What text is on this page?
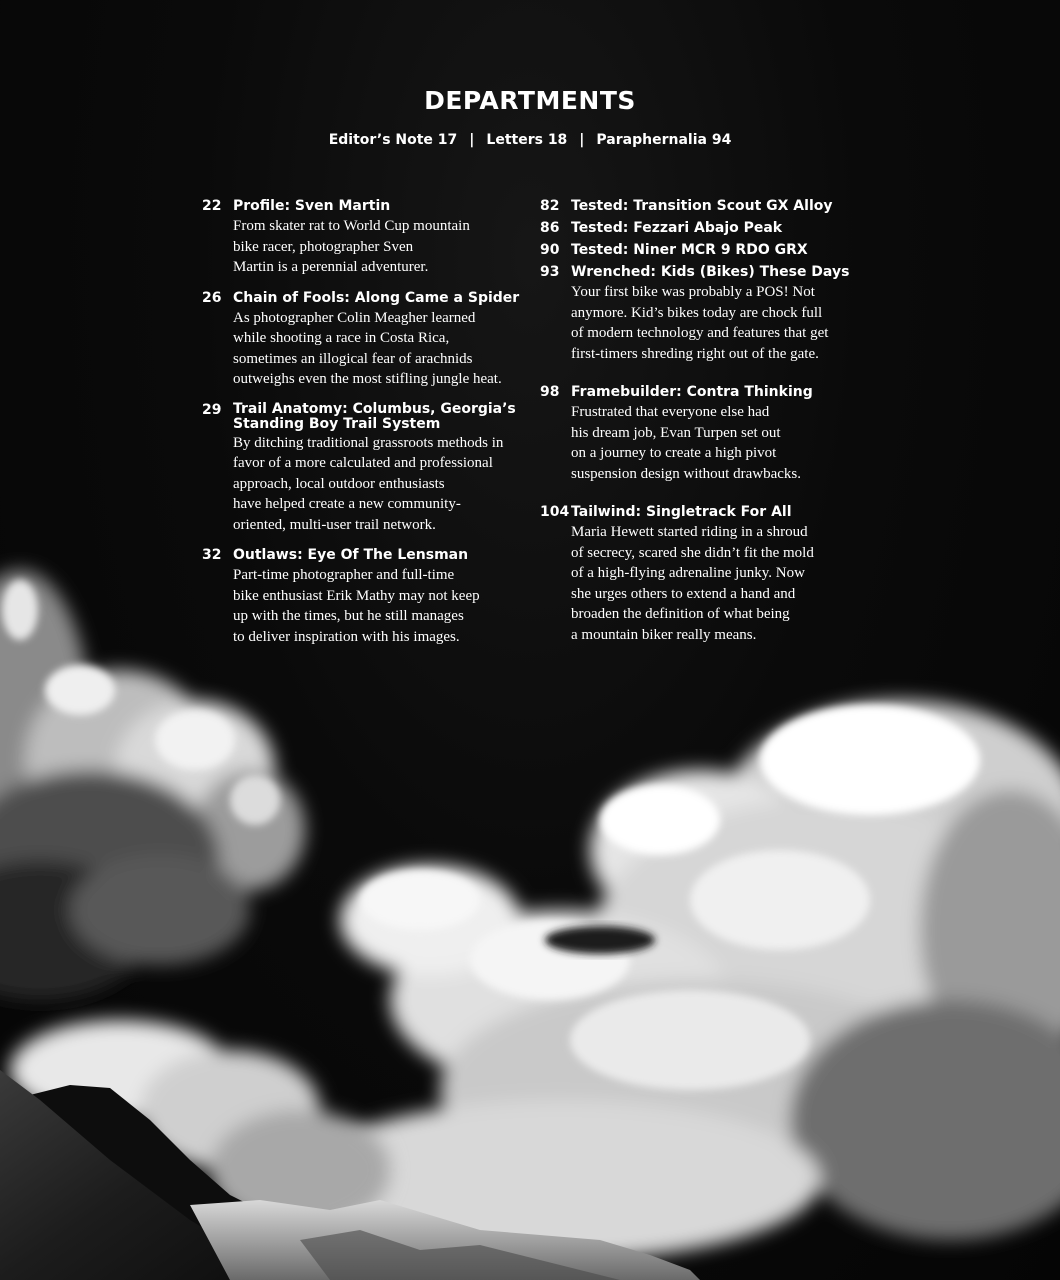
DEPARTMENTS
Editor’s Note 17 | Letters 18 | Paraphernalia 94
22 Profile: Sven Martin
From skater rat to World Cup mountain
bike racer, photographer Sven
Martin is a perennial adventurer.
26 Chain of Fools: Along Came a Spider
As photographer Colin Meagher learned
while shooting a race in Costa Rica,
sometimes an illogical fear of arachnids
outweighs even the most stifling jungle heat.
29 Trail Anatomy: Columbus, Georgia’s
Standing Boy Trail System
By ditching traditional grassroots methods in
favor of a more calculated and professional
approach, local outdoor enthusiasts
have helped create a new community-
oriented, multi-user trail network.
32 Outlaws: Eye Of The Lensman
Part-time photographer and full-time
bike enthusiast Erik Mathy may not keep
up with the times, but he still manages
to deliver inspiration with his images.
82 Tested: Transition Scout GX Alloy
86 Tested: Fezzari Abajo Peak
90 Tested: Niner MCR 9 RDO GRX
93 Wrenched: Kids (Bikes) These Days
Your first bike was probably a POS! Not
anymore. Kid’s bikes today are chock full
of modern technology and features that get
first-timers shreding right out of the gate.
98 Framebuilder: Contra Thinking
Frustrated that everyone else had
his dream job, Evan Turpen set out
on a journey to create a high pivot
suspension design without drawbacks.
104 Tailwind: Singletrack For All
Maria Hewett started riding in a shroud
of secrecy, scared she didn’t fit the mold
of a high-flying adrenaline junky. Now
she urges others to extend a hand and
broaden the definition of what being
a mountain biker really means.
